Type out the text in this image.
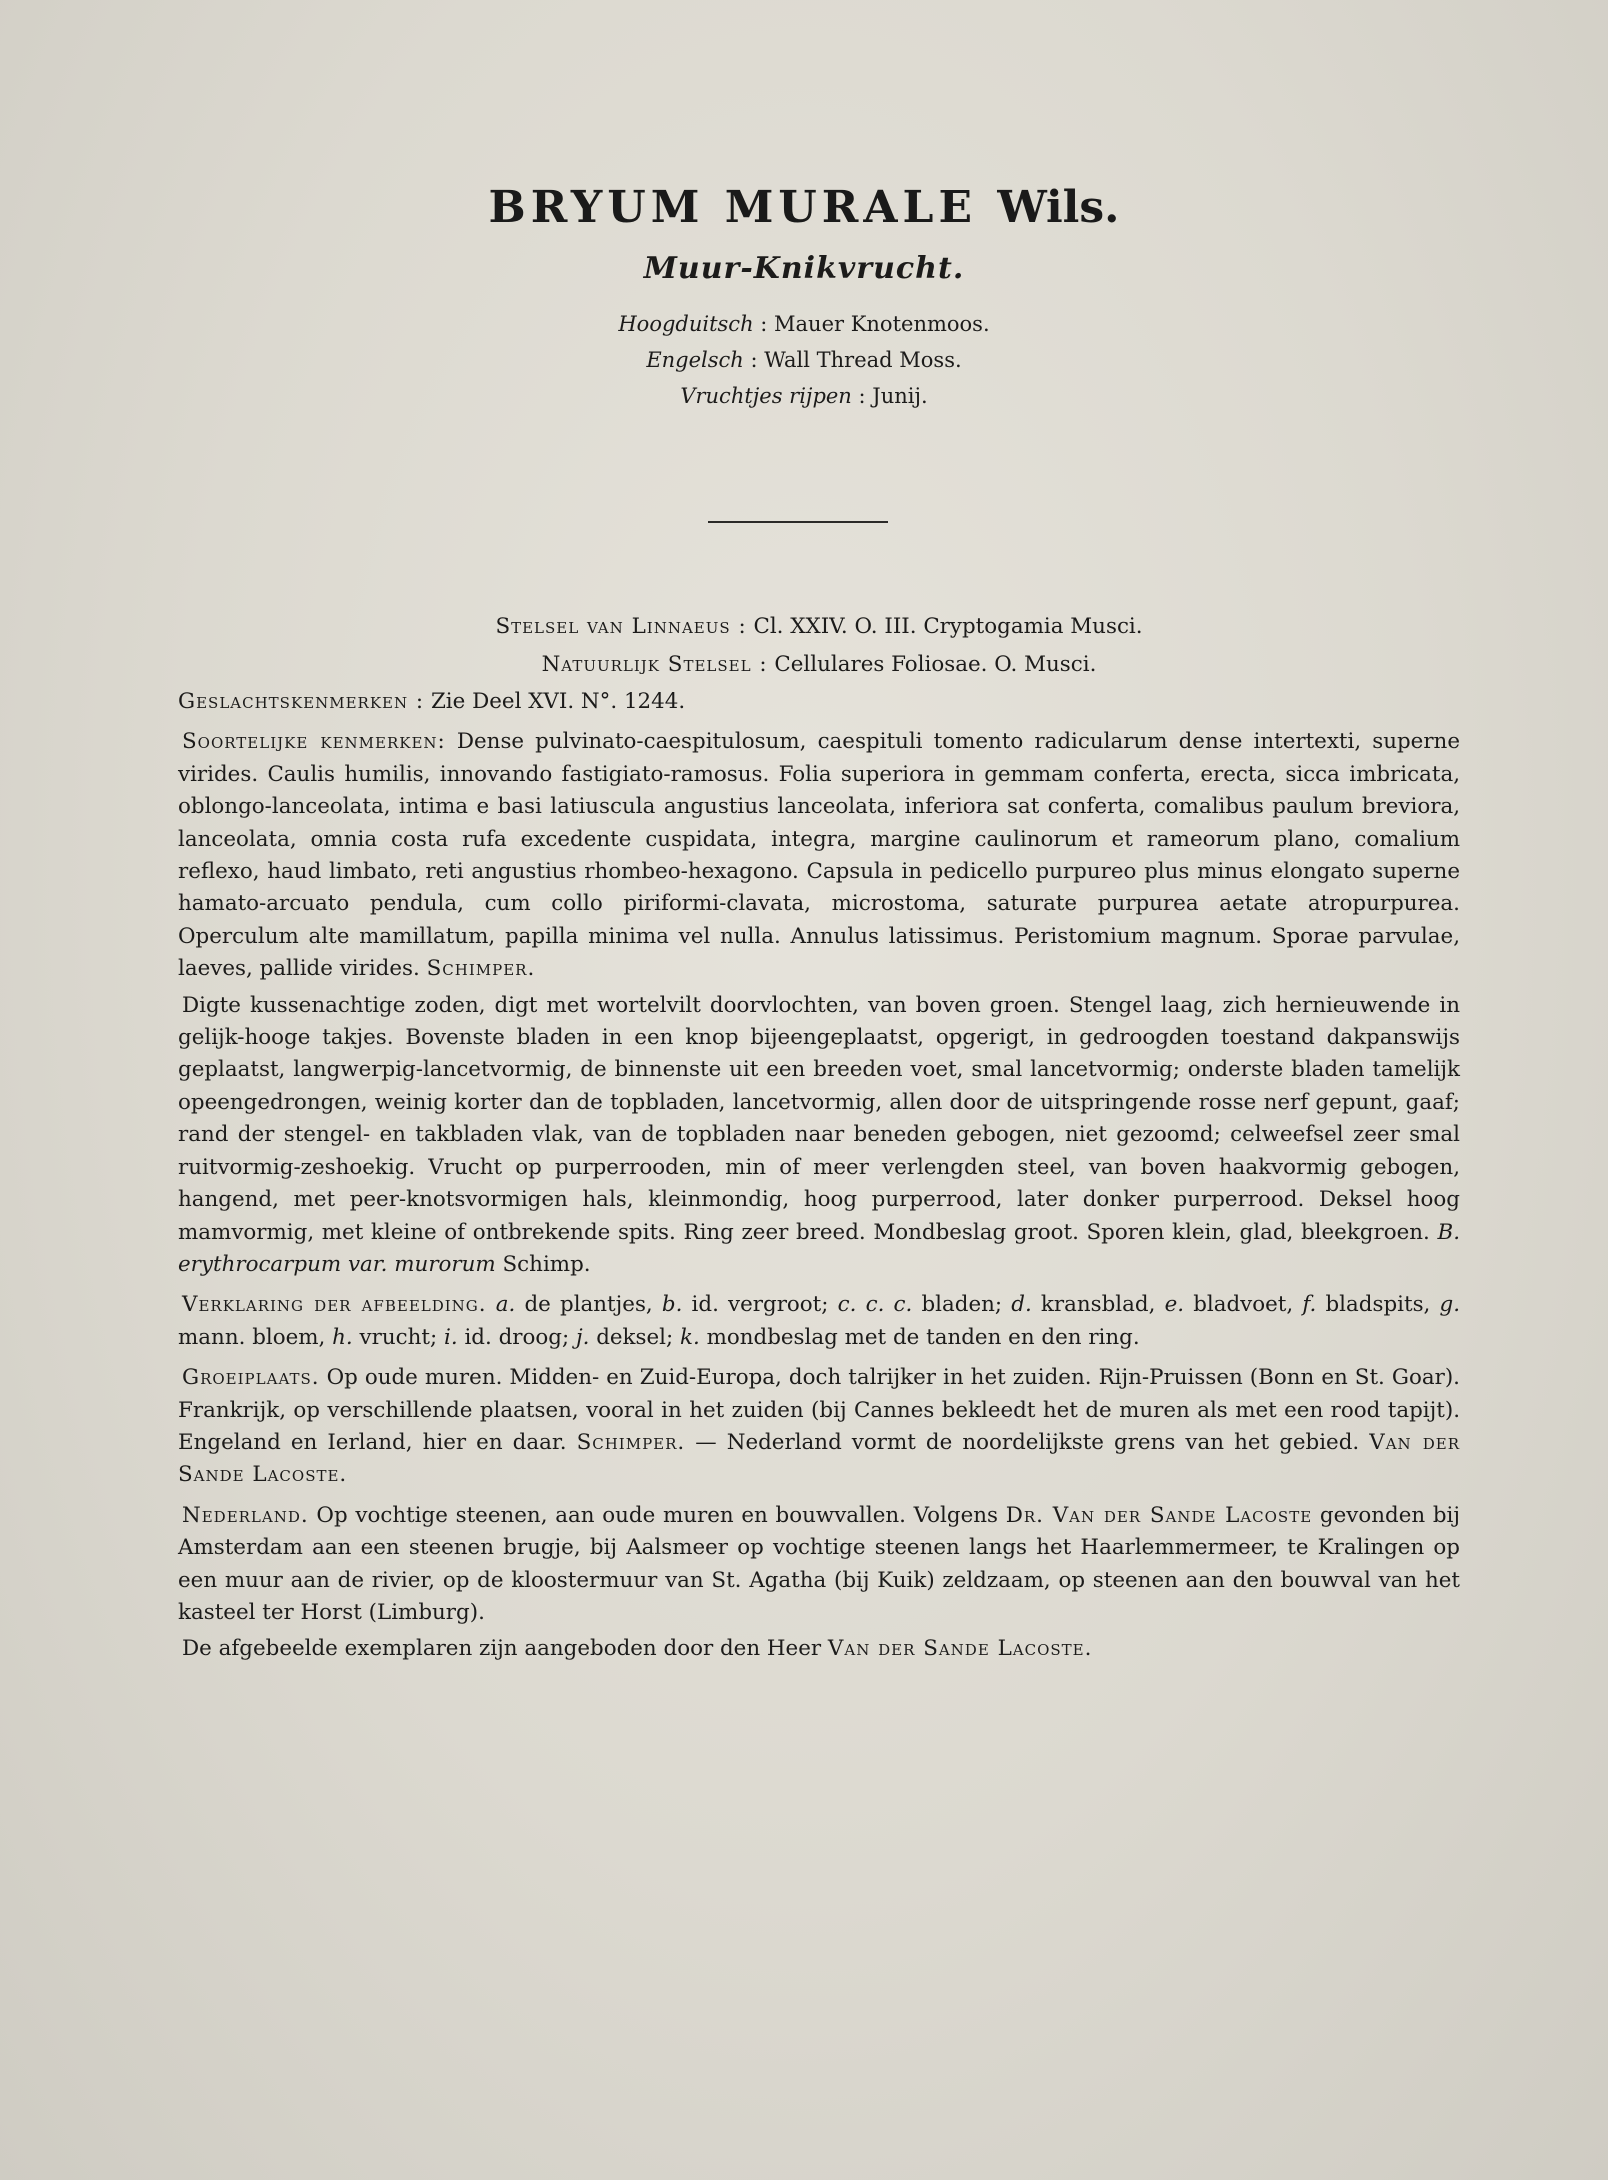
BRYUM MURALE Wils.
Muur-Knikvrucht.
Hoogduitsch : Mauer Knotenmoos.
Engelsch : Wall Thread Moss.
Vruchtjes rijpen : Junij.

Stelsel van Linnaeus : Cl. XXIV. O. III. Cryptogamia Musci.

Natuurlijk Stelsel : Cellulares Foliosae. O. Musci.

Geslachtskenmerken : Zie Deel XVI. N°. 1244.

Soortelijke kenmerken: Dense pulvinato-caespitulosum, caespituli tomento radicularum dense intertexti, superne virides. Caulis humilis, innovando fastigiato-ramosus. Folia superiora in gemmam conferta, erecta, sicca imbricata, oblongo-lanceolata, intima e basi latiuscula angustius lanceolata, inferiora sat conferta, comalibus paulum breviora, lanceolata, omnia costa rufa excedente cuspidata, integra, margine caulinorum et rameorum plano, comalium reflexo, haud limbato, reti angustius rhombeo-hexagono. Capsula in pedicello purpureo plus minus elongato superne hamato-arcuato pendula, cum collo piriformi-clavata, microstoma, saturate purpurea aetate atropurpurea. Operculum alte mamillatum, papilla minima vel nulla. Annulus latissimus. Peristomium magnum. Sporae parvulae, laeves, pallide virides. Schimper.

Digte kussenachtige zoden, digt met wortelvilt doorvlochten, van boven groen. Stengel laag, zich hernieuwende in gelijk-hooge takjes. Bovenste bladen in een knop bijeengeplaatst, opgerigt, in gedroogden toestand dakpanswijs geplaatst, langwerpig-lancetvormig, de binnenste uit een breeden voet, smal lancetvormig; onderste bladen tamelijk opeengedrongen, weinig korter dan de topbladen, lancetvormig, allen door de uitspringende rosse nerf gepunt, gaaf; rand der stengel- en takbladen vlak, van de topbladen naar beneden gebogen, niet gezoomd; celweefsel zeer smal ruitvormig-zeshoekig. Vrucht op purperrooden, min of meer verlengden steel, van boven haakvormig gebogen, hangend, met peer-knotsvormigen hals, kleinmondig, hoog purperrood, later donker purperrood. Deksel hoog mamvormig, met kleine of ontbrekende spits. Ring zeer breed. Mondbeslag groot. Sporen klein, glad, bleekgroen. B. erythrocarpum var. murorum Schimp.

Verklaring der afbeelding. a. de plantjes, b. id. vergroot; c. c. c. bladen; d. kransblad, e. bladvoet, f. bladspits, g. mann. bloem, h. vrucht; i. id. droog; j. deksel; k. mondbeslag met de tanden en den ring.

Groeiplaats. Op oude muren. Midden- en Zuid-Europa, doch talrijker in het zuiden. Rijn-Pruissen (Bonn en St. Goar). Frankrijk, op verschillende plaatsen, vooral in het zuiden (bij Cannes bekleedt het de muren als met een rood tapijt). Engeland en Ierland, hier en daar. Schimper. — Nederland vormt de noordelijkste grens van het gebied. Van der Sande Lacoste.

Nederland. Op vochtige steenen, aan oude muren en bouwvallen. Volgens Dr. Van der Sande Lacoste gevonden bij Amsterdam aan een steenen brugje, bij Aalsmeer op vochtige steenen langs het Haarlemmermeer, te Kralingen op een muur aan de rivier, op de kloostermuur van St. Agatha (bij Kuik) zeldzaam, op steenen aan den bouwval van het kasteel ter Horst (Limburg).

De afgebeelde exemplaren zijn aangeboden door den Heer Van der Sande Lacoste.
